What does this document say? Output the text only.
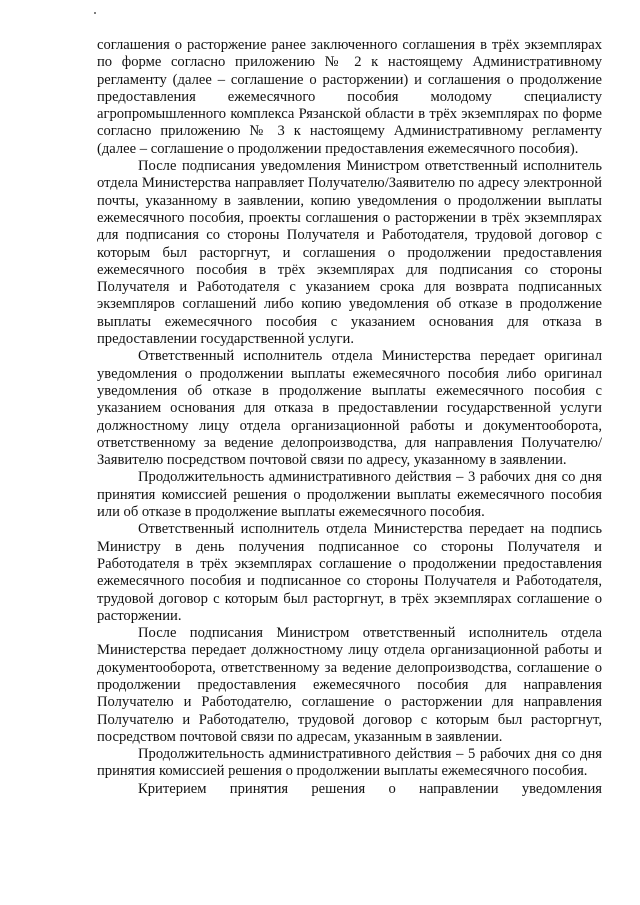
соглашения о расторжение ранее заключенного соглашения в трёх экземплярах по форме согласно приложению № 2 к настоящему Административному регламенту (далее – соглашение о расторжении) и соглашения о продолжение предоставления ежемесячного пособия молодому специалисту агропромышленного комплекса Рязанской области в трёх экземплярах по форме согласно приложению № 3 к настоящему Административному регламенту (далее – соглашение о продолжении предоставления ежемесячного пособия).

После подписания уведомления Министром ответственный исполнитель отдела Министерства направляет Получателю/Заявителю по адресу электронной почты, указанному в заявлении, копию уведомления о продолжении выплаты ежемесячного пособия, проекты соглашения о расторжении в трёх экземплярах для подписания со стороны Получателя и Работодателя, трудовой договор с которым был расторгнут, и соглашения о продолжении предоставления ежемесячного пособия в трёх экземплярах для подписания со стороны Получателя и Работодателя с указанием срока для возврата подписанных экземпляров соглашений либо копию уведомления об отказе в продолжение выплаты ежемесячного пособия с указанием основания для отказа в предоставлении государственной услуги.

Ответственный исполнитель отдела Министерства передает оригинал уведомления о продолжении выплаты ежемесячного пособия либо оригинал уведомления об отказе в продолжение выплаты ежемесячного пособия с указанием основания для отказа в предоставлении государственной услуги должностному лицу отдела организационной работы и документооборота, ответственному за ведение делопроизводства, для направления Получателю/Заявителю посредством почтовой связи по адресу, указанному в заявлении.

Продолжительность административного действия – 3 рабочих дня со дня принятия комиссией решения о продолжении выплаты ежемесячного пособия или об отказе в продолжение выплаты ежемесячного пособия.

Ответственный исполнитель отдела Министерства передает на подпись Министру в день получения подписанное со стороны Получателя и Работодателя в трёх экземплярах соглашение о продолжении предоставления ежемесячного пособия и подписанное со стороны Получателя и Работодателя, трудовой договор с которым был расторгнут, в трёх экземплярах соглашение о расторжении.

После подписания Министром ответственный исполнитель отдела Министерства передает должностному лицу отдела организационной работы и документооборота, ответственному за ведение делопроизводства, соглашение о продолжении предоставления ежемесячного пособия для направления Получателю и Работодателю, соглашение о расторжении для направления Получателю и Работодателю, трудовой договор с которым был расторгнут, посредством почтовой связи по адресам, указанным в заявлении.

Продолжительность административного действия – 5 рабочих дня со дня принятия комиссией решения о продолжении выплаты ежемесячного пособия.

Критерием принятия решения о направлении уведомления
